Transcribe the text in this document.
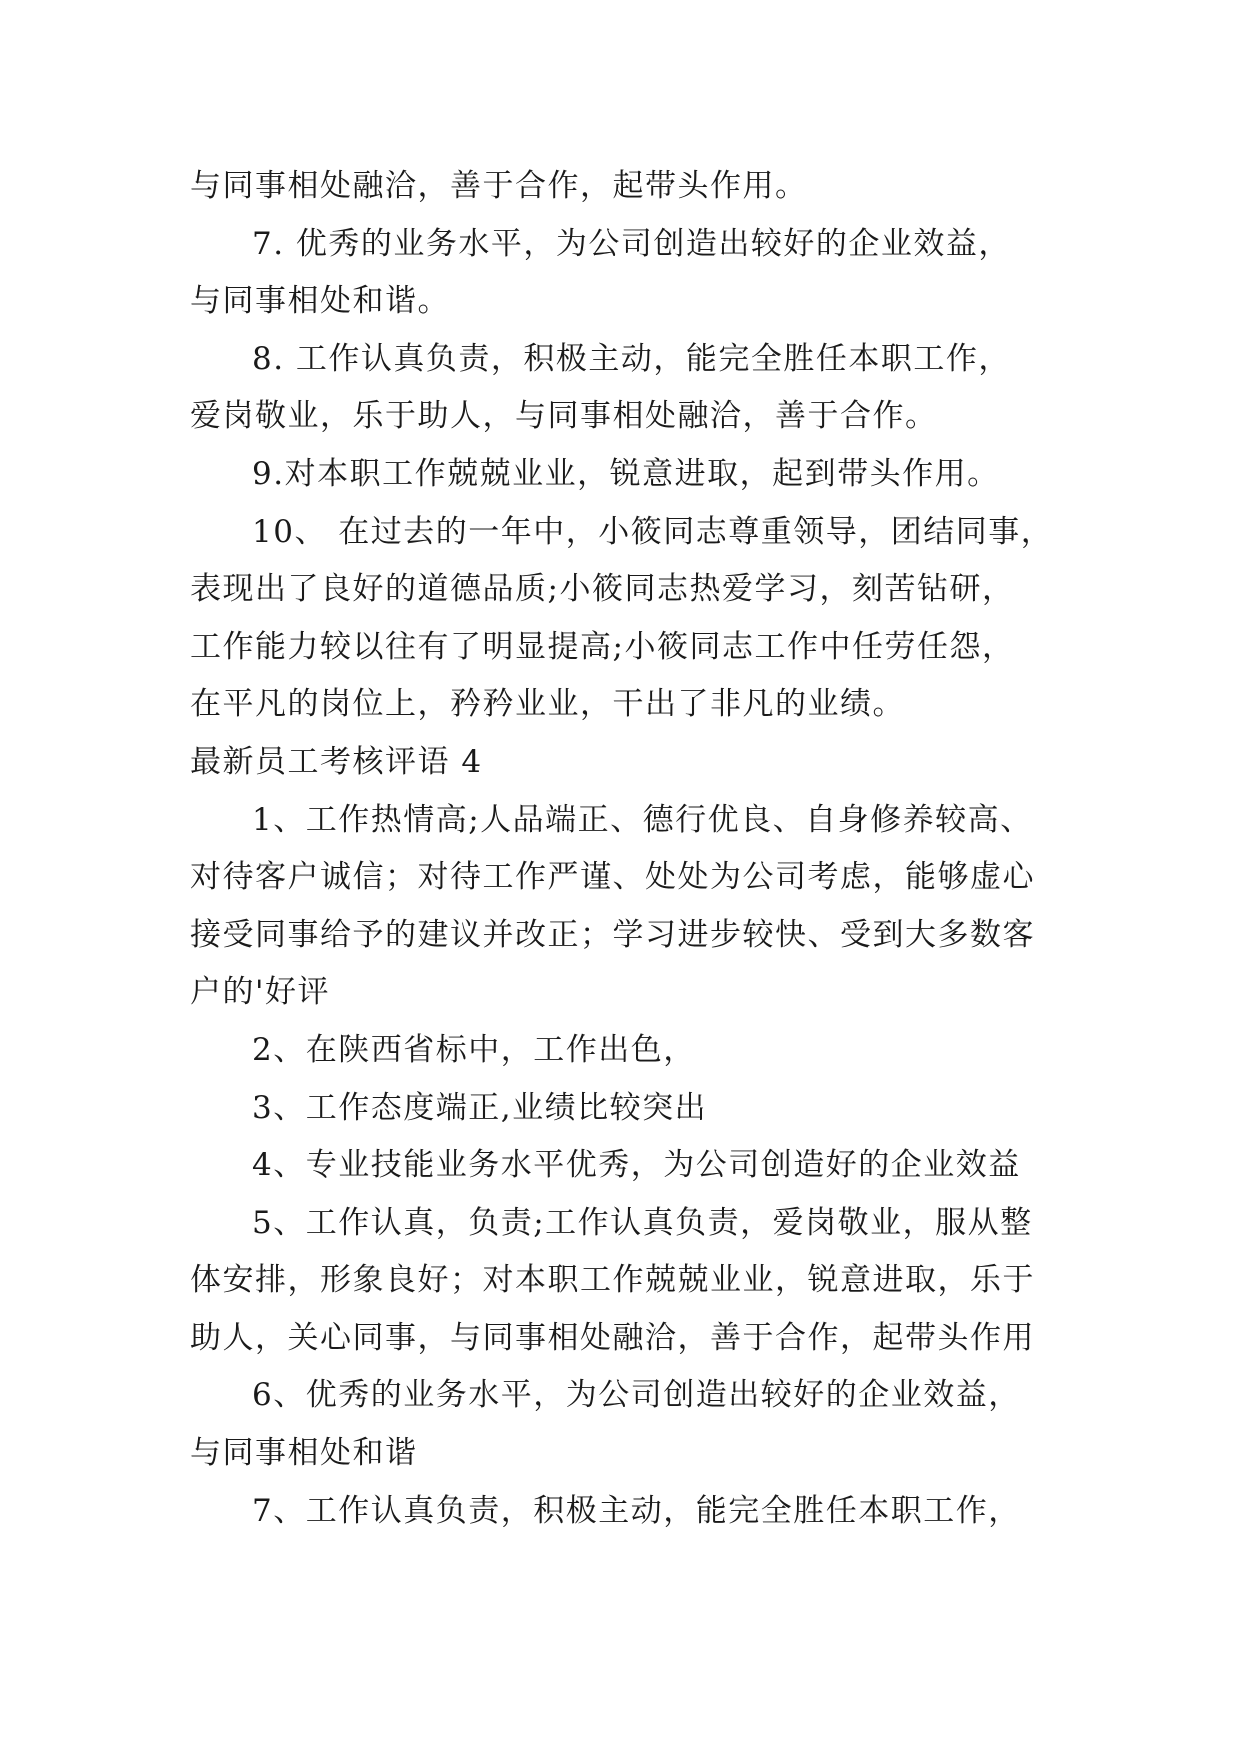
与同事相处融洽，善于合作，起带头作用。
7. 优秀的业务水平，为公司创造出较好的企业效益，
与同事相处和谐。
8. 工作认真负责，积极主动，能完全胜任本职工作，
爱岗敬业，乐于助人，与同事相处融洽，善于合作。
9.对本职工作兢兢业业，锐意进取，起到带头作用。
10、 在过去的一年中，小筱同志尊重领导，团结同事，
表现出了良好的道德品质;小筱同志热爱学习，刻苦钻研，
工作能力较以往有了明显提高;小筱同志工作中任劳任怨，
在平凡的岗位上，矜矜业业，干出了非凡的业绩。
最新员工考核评语 4
1、工作热情高;人品端正、德行优良、自身修养较高、
对待客户诚信；对待工作严谨、处处为公司考虑，能够虚心
接受同事给予的建议并改正；学习进步较快、受到大多数客
户的'好评
2、在陕西省标中，工作出色，
3、工作态度端正,业绩比较突出
4、专业技能业务水平优秀，为公司创造好的企业效益
5、工作认真，负责;工作认真负责，爱岗敬业，服从整
体安排，形象良好；对本职工作兢兢业业，锐意进取，乐于
助人，关心同事，与同事相处融洽，善于合作，起带头作用
6、优秀的业务水平，为公司创造出较好的企业效益，
与同事相处和谐
7、工作认真负责，积极主动，能完全胜任本职工作，
